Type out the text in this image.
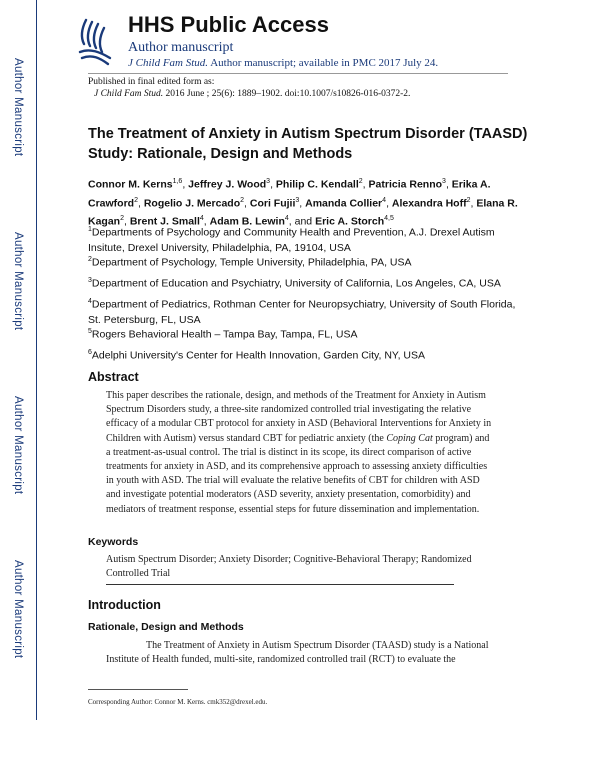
Author Manuscript
Author Manuscript
Author Manuscript
Author Manuscript
HHS Public Access
Author manuscript
J Child Fam Stud. Author manuscript; available in PMC 2017 July 24.
Published in final edited form as:
J Child Fam Stud. 2016 June ; 25(6): 1889–1902. doi:10.1007/s10826-016-0372-2.
The Treatment of Anxiety in Autism Spectrum Disorder (TAASD)
Study: Rationale, Design and Methods
Connor M. Kerns$^{1,6}$, Jeffrey J. Wood$^3$, Philip C. Kendall$^2$, Patricia Renno$^3$, Erika A. Crawford$^2$, Rogelio J. Mercado$^2$, Cori Fujii$^3$, Amanda Collier$^4$, Alexandra Hoff$^2$, Elana R. Kagan$^2$, Brent J. Small$^4$, Adam B. Lewin$^4$, and Eric A. Storch$^{4,5}$
$^1$Departments of Psychology and Community Health and Prevention, A.J. Drexel Autism Insitute, Drexel University, Philadelphia, PA, 19104, USA
$^2$Department of Psychology, Temple University, Philadelphia, PA, USA
$^3$Department of Education and Psychiatry, University of California, Los Angeles, CA, USA
$^4$Department of Pediatrics, Rothman Center for Neuropsychiatry, University of South Florida, St. Petersburg, FL, USA
$^5$Rogers Behavioral Health – Tampa Bay, Tampa, FL, USA
$^6$Adelphi University's Center for Health Innovation, Garden City, NY, USA
Abstract
This paper describes the rationale, design, and methods of the Treatment for Anxiety in Autism Spectrum Disorders study, a three-site randomized controlled trial investigating the relative efficacy of a modular CBT protocol for anxiety in ASD (Behavioral Interventions for Anxiety in Children with Autism) versus standard CBT for pediatric anxiety (the Coping Cat program) and a treatment-as-usual control. The trial is distinct in its scope, its direct comparison of active treatments for anxiety in ASD, and its comprehensive approach to assessing anxiety difficulties in youth with ASD. The trial will evaluate the relative benefits of CBT for children with ASD and investigate potential moderators (ASD severity, anxiety presentation, comorbidity) and mediators of treatment response, essential steps for future dissemination and implementation.
Keywords
Autism Spectrum Disorder; Anxiety Disorder; Cognitive-Behavioral Therapy; Randomized Controlled Trial
Introduction
Rationale, Design and Methods
The Treatment of Anxiety in Autism Spectrum Disorder (TAASD) study is a National Institute of Health funded, multi-site, randomized controlled trail (RCT) to evaluate the
Corresponding Author: Connor M. Kerns. cmk352@drexel.edu.
